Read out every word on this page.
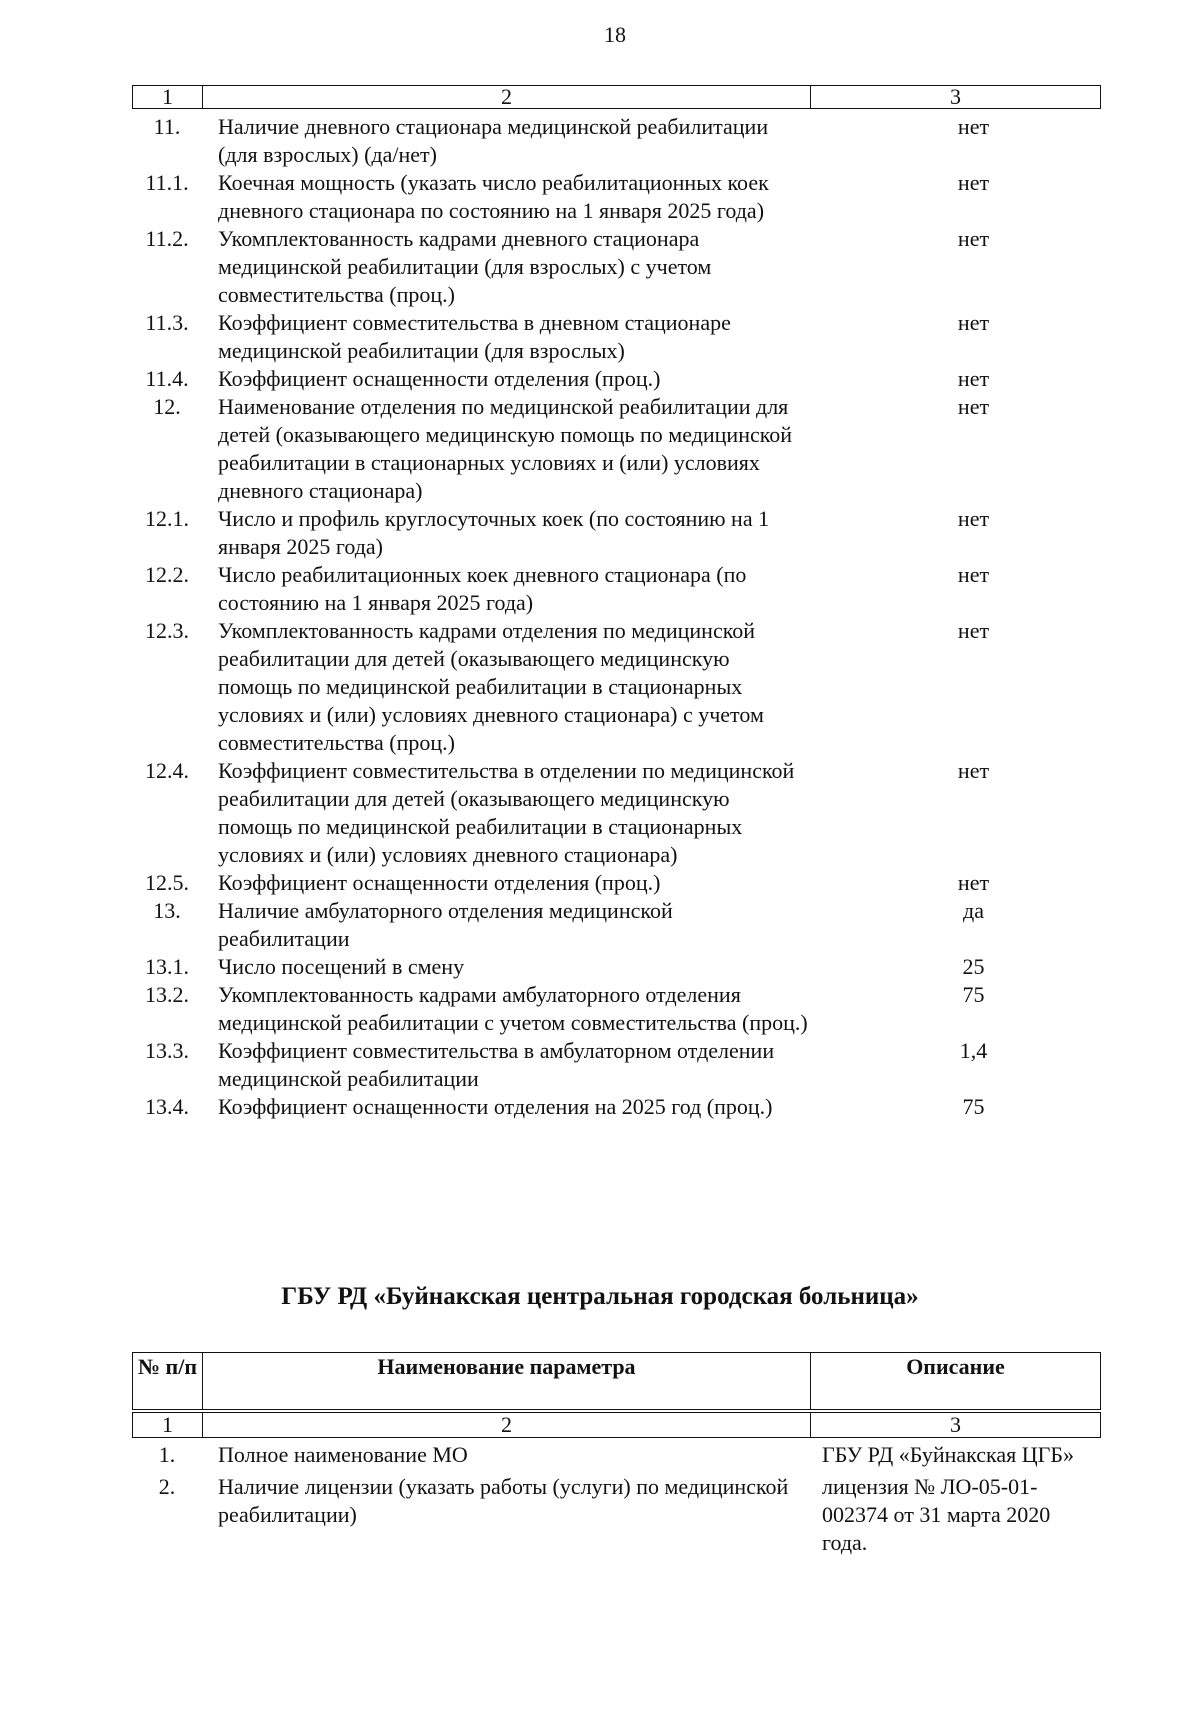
18
1	2	3
11.	Наличие дневного стационара медицинской реабилитации (для взрослых) (да/нет)	нет
11.1.	Коечная мощность (указать число реабилитационных коек дневного стационара по состоянию на 1 января 2025 года)	нет
11.2.	Укомплектованность кадрами дневного стационара медицинской реабилитации (для взрослых) с учетом совместительства (проц.)	нет
11.3.	Коэффициент совместительства в дневном стационаре медицинской реабилитации (для взрослых)	нет
11.4.	Коэффициент оснащенности отделения (проц.)	нет
12.	Наименование отделения по медицинской реабилитации для детей (оказывающего медицинскую помощь по медицинской реабилитации в стационарных условиях и (или) условиях дневного стационара)	нет
12.1.	Число и профиль круглосуточных коек (по состоянию на 1 января 2025 года)	нет
12.2.	Число реабилитационных коек дневного стационара (по состоянию на 1 января 2025 года)	нет
12.3.	Укомплектованность кадрами отделения по медицинской реабилитации для детей (оказывающего медицинскую помощь по медицинской реабилитации в стационарных условиях и (или) условиях дневного стационара) с учетом совместительства (проц.)	нет
12.4.	Коэффициент совместительства в отделении по медицинской реабилитации для детей (оказывающего медицинскую помощь по медицинской реабилитации в стационарных условиях и (или) условиях дневного стационара)	нет
12.5.	Коэффициент оснащенности отделения (проц.)	нет
13.	Наличие амбулаторного отделения медицинской реабилитации	да
13.1.	Число посещений в смену	25
13.2.	Укомплектованность кадрами амбулаторного отделения медицинской реабилитации с учетом совместительства (проц.)	75
13.3.	Коэффициент совместительства в амбулаторном отделении медицинской реабилитации	1,4
13.4.	Коэффициент оснащенности отделения на 2025 год (проц.)	75
ГБУ РД «Буйнакская центральная городская больница»
№ п/п	Наименование параметра	Описание
1	2	3
1.	Полное наименование МО	ГБУ РД «Буйнакская ЦГБ»
2.	Наличие лицензии (указать работы (услуги) по медицинской реабилитации)	лицензия № ЛО-05-01-002374 от 31 марта 2020 года.
